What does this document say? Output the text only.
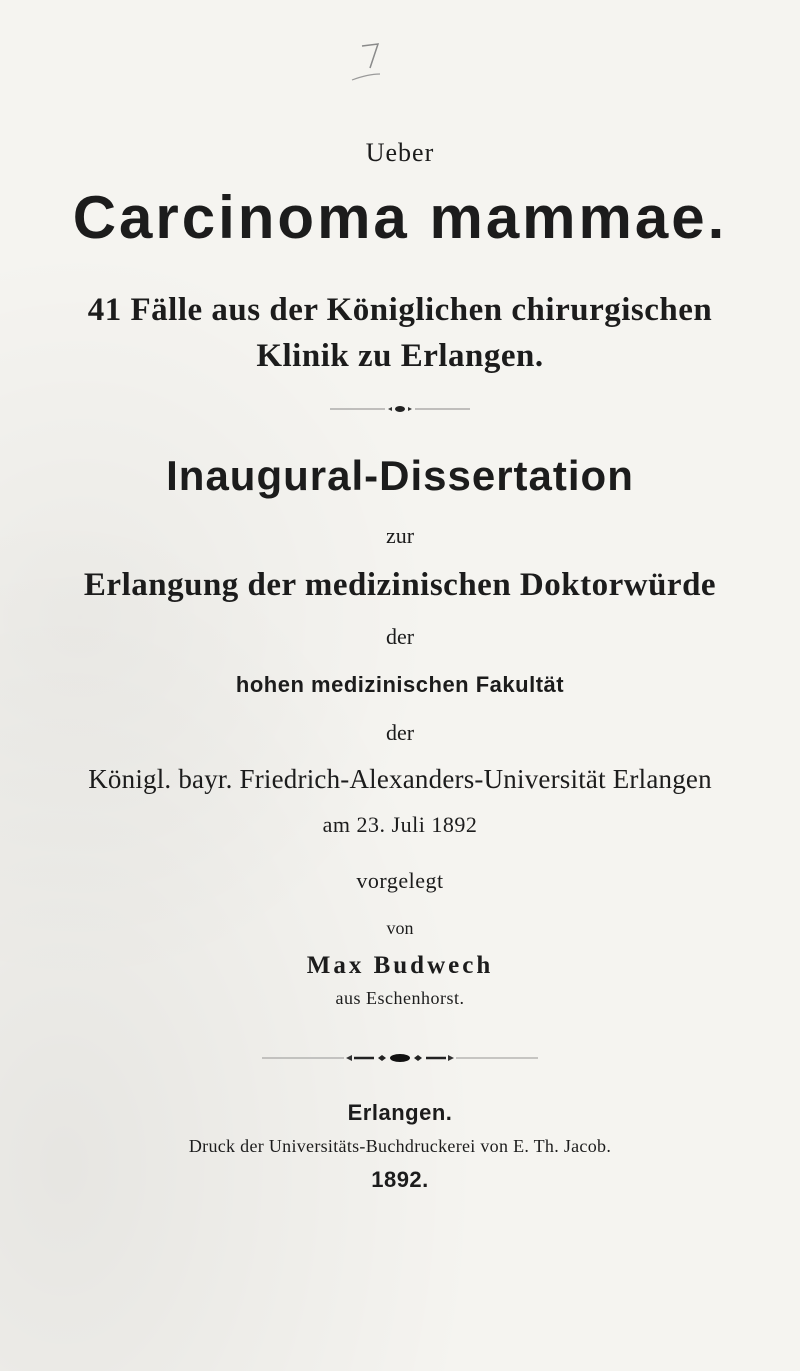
Ueber
Carcinoma mammae.
41 Fälle aus der Königlichen chirurgischen
Klinik zu Erlangen.
Inaugural-Dissertation
zur
Erlangung der medizinischen Doktorwürde
der
hohen medizinischen Fakultät
der
Königl. bayr. Friedrich-Alexanders-Universität Erlangen
am 23. Juli 1892
vorgelegt
von
Max Budwech
aus Eschenhorst.
Erlangen.
Druck der Universitäts-Buchdruckerei von E. Th. Jacob.
1892.
